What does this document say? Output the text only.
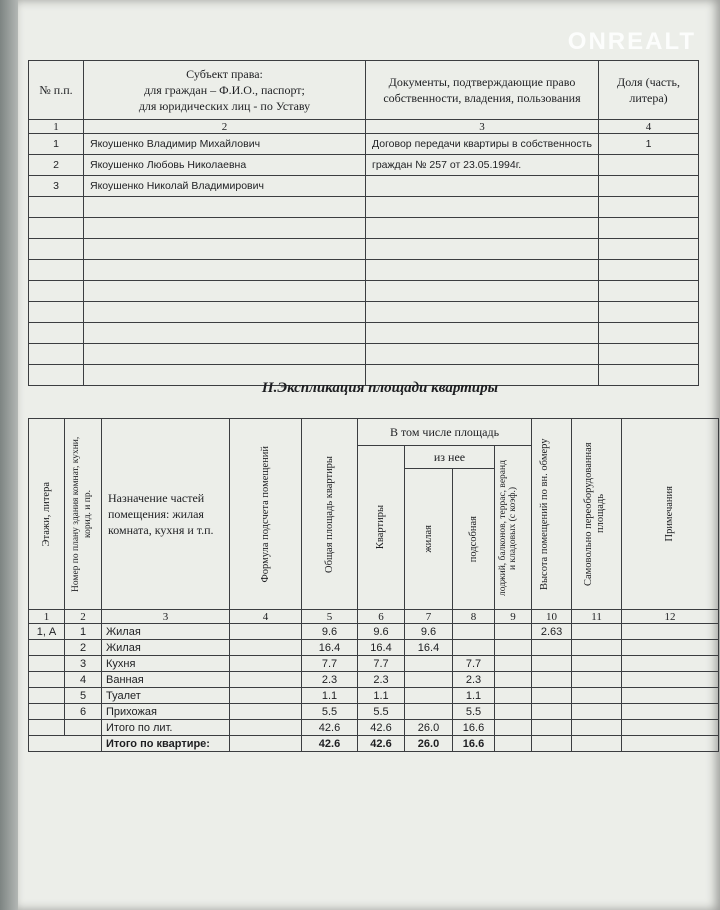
ONREALT
№ п.п.	Субъект права:
для граждан – Ф.И.О., паспорт;
для юридических лиц - по Уставу	Документы, подтверждающие право собственности, владения, пользования	Доля (часть, литера)
1	2	3	4
1	Якоушенко Владимир Михайлович	Договор передачи квартиры в собственность	1
2	Якоушенко Любовь Николаевна	граждан № 257 от 23.05.1994г.	
3	Якоушенко Николай Владимирович		

II.Экспликация площади квартиры
Этажи, литера	Номер по плану здания комнат, кухни, корид. и пр.	Назначение частей помещения: жилая комната, кухня и т.п.	Формула подсчета помещений	Общая площадь квартиры	В том числе площадь				Высота помещений по вн. обмеру	Самовольно переоборудованная площадь	Примечания

					Квартиры	из нее		лоджий, балконов, террас, веранд и кладовых (с коэф.)			

						жилая	подсобная				

1	2	3	4	5	6	7	8	9	10	11	12
1, А	1	Жилая		9.6	9.6	9.6			2.63		
	2	Жилая		16.4	16.4	16.4					
	3	Кухня		7.7	7.7		7.7				
	4	Ванная		2.3	2.3		2.3				
	5	Туалет		1.1	1.1		1.1				
	6	Прихожая		5.5	5.5		5.5				
		Итого по лит.		42.6	42.6	26.0	16.6				
		Итого по квартире:		42.6	42.6	26.0	16.6				
